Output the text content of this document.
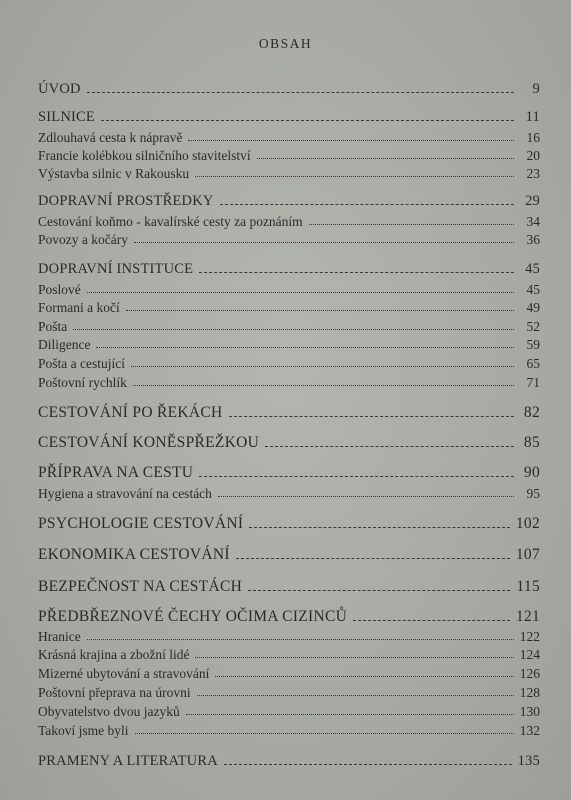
OBSAH
ÚVOD	9
SILNICE	11
Zdlouhavá cesta k nápravě	16
Francie kolébkou silničního stavitelství	20
Výstavba silnic v Rakousku	23
DOPRAVNÍ PROSTŘEDKY	29
Cestování koňmo - kavalírské cesty za poznáním	34
Povozy a kočáry	36
DOPRAVNÍ INSTITUCE	45
Poslové	45
Formani a kočí	49
Pošta	52
Diligence	59
Pošta a cestující	65
Poštovní rychlík	71
CESTOVÁNÍ PO ŘEKÁCH	82
CESTOVÁNÍ KONĚSPŘEŽKOU	85
PŘÍPRAVA NA CESTU	90
Hygiena a stravování na cestách	95
PSYCHOLOGIE CESTOVÁNÍ	102
EKONOMIKA CESTOVÁNÍ	107
BEZPEČNOST NA CESTÁCH	115
PŘEDBŘEZNOVÉ ČECHY OČIMA CIZINCŮ	121
Hranice	122
Krásná krajina a zbožní lidé	124
Mizerné ubytování a stravování	126
Poštovní přeprava na úrovni	128
Obyvatelstvo dvou jazyků	130
Takoví jsme byli	132
PRAMENY A LITERATURA	135
